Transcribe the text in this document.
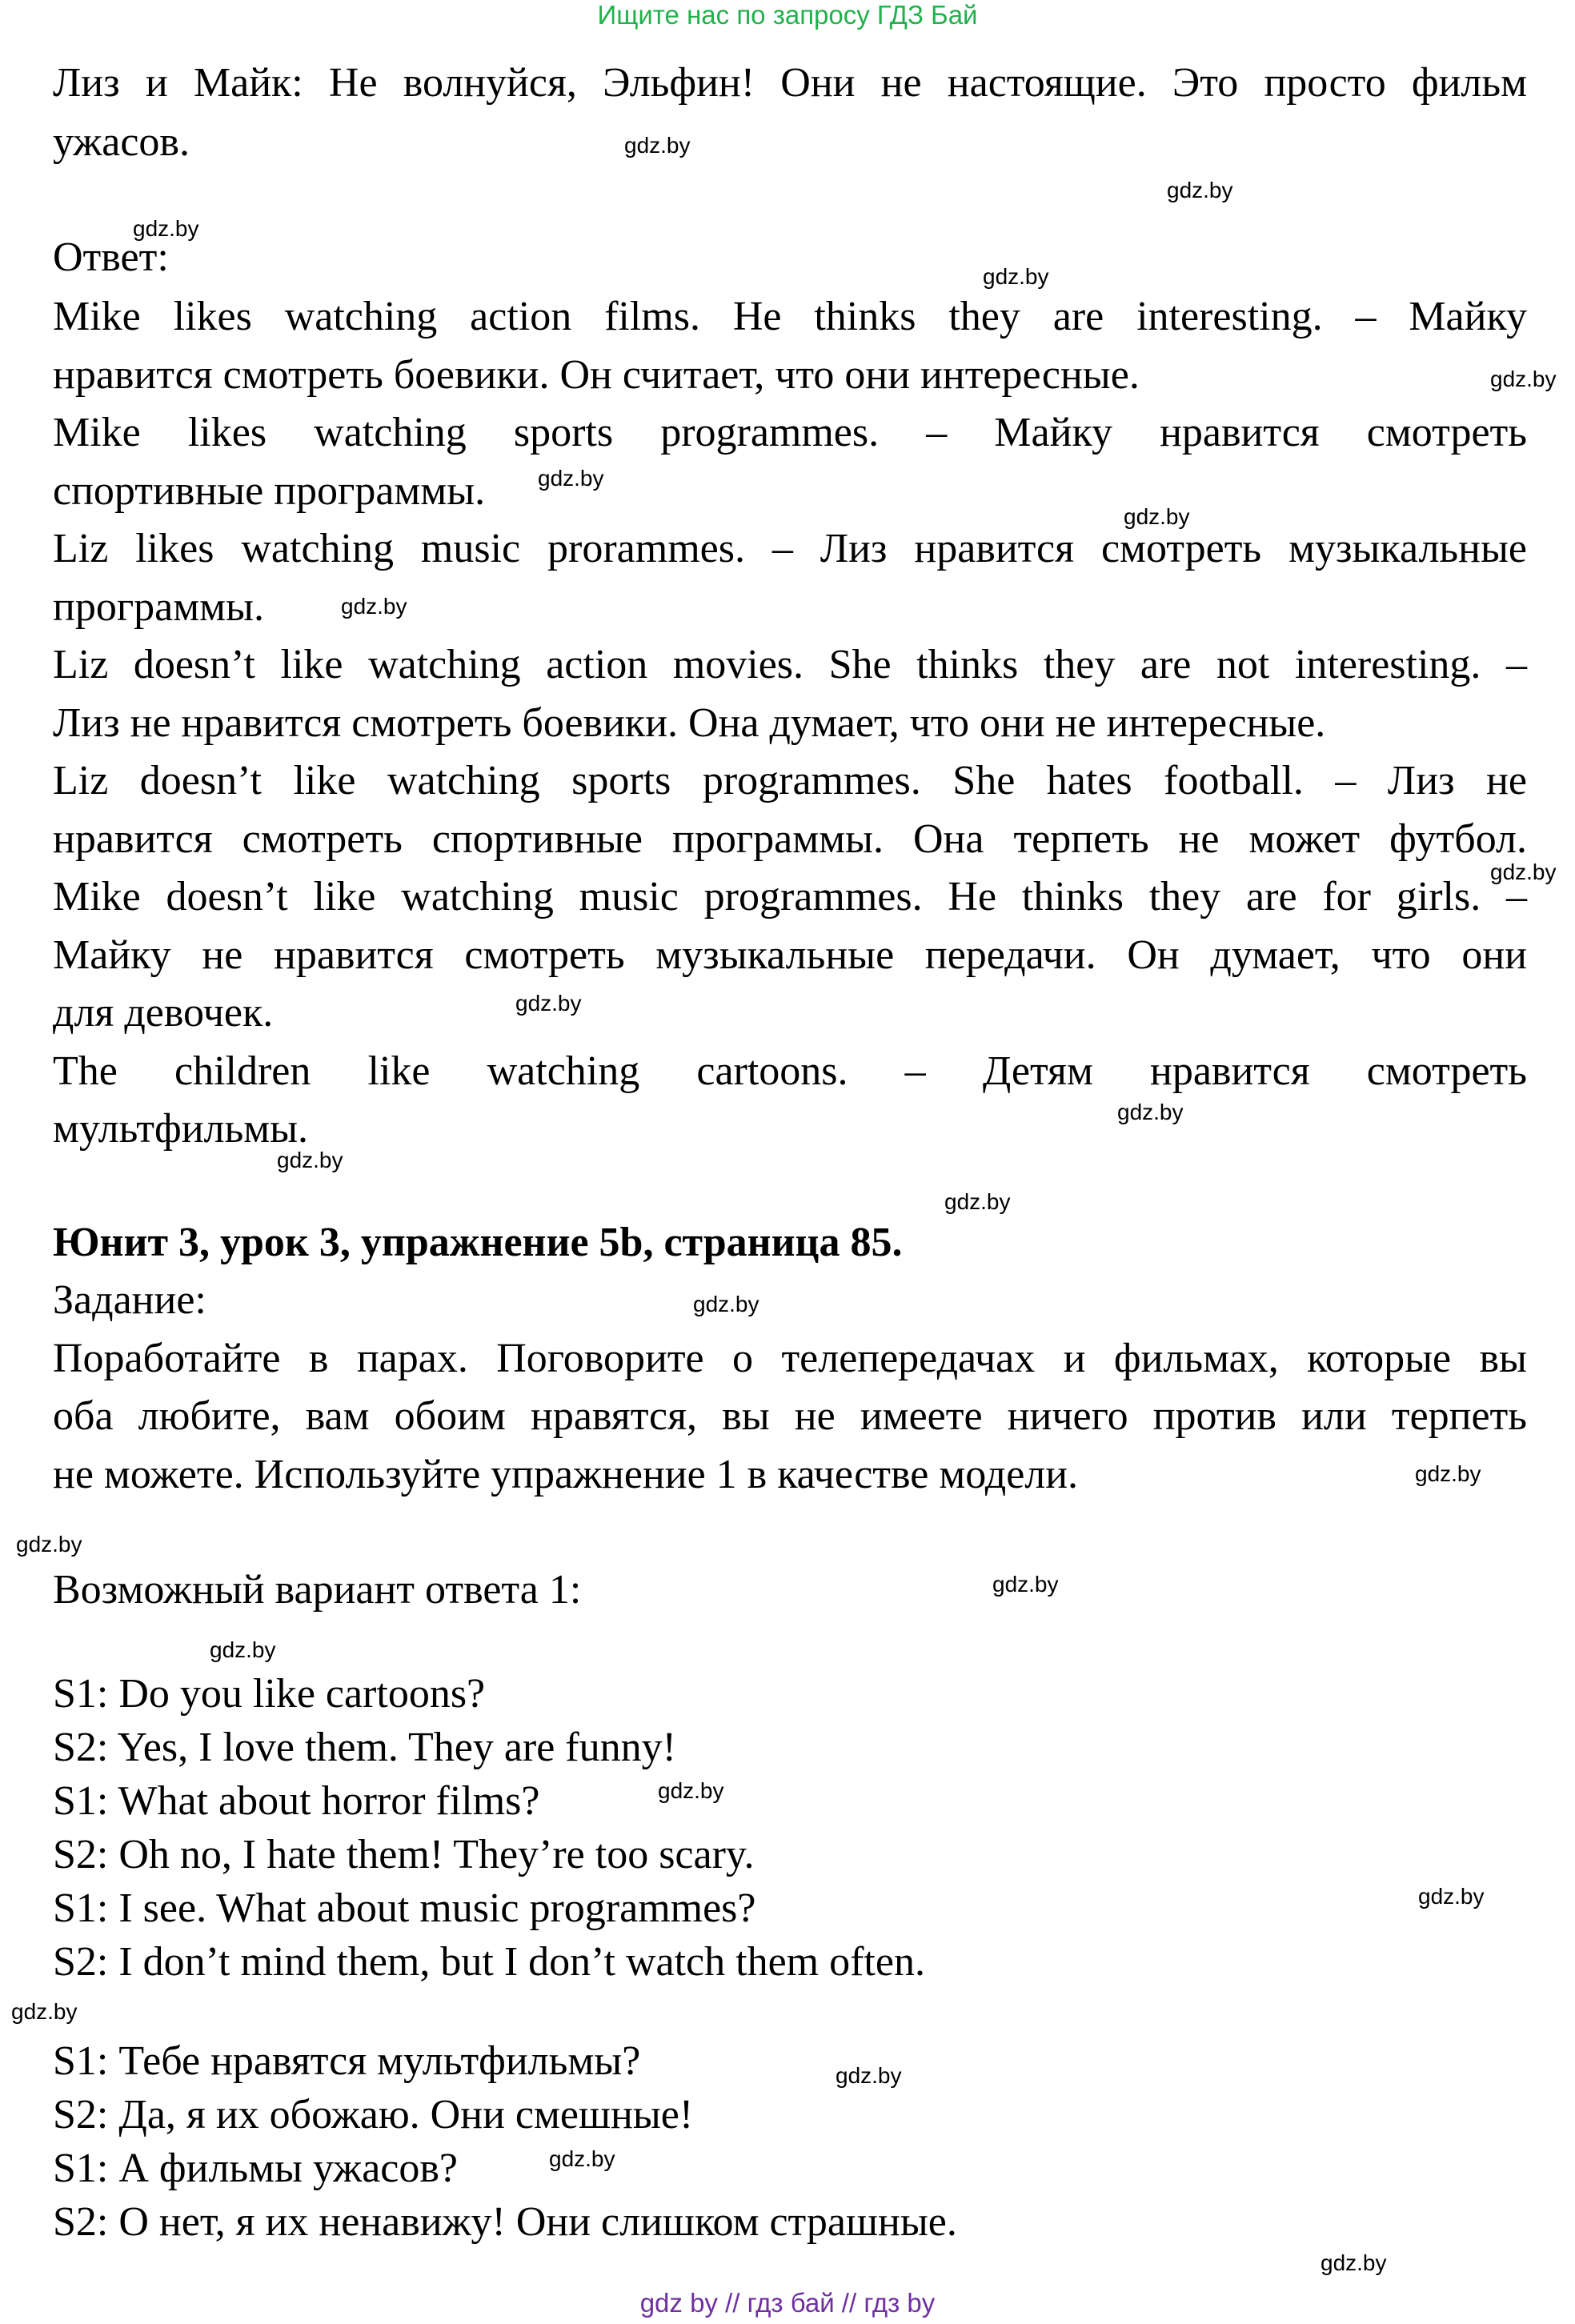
Ищите нас по запросу ГДЗ Бай
Лиз и Майк: Не волнуйся, Эльфин! Они не настоящие. Это просто фильм
ужасов.
Ответ:
Mike likes watching action films. He thinks they are interesting. – Майку
нравится смотреть боевики. Он считает, что они интересные.
Mike likes watching sports programmes. – Майку нравится смотреть
спортивные программы.
Liz likes watching music prorammes. – Лиз нравится смотреть музыкальные
программы.
Liz doesn’t like watching action movies. She thinks they are not interesting. –
Лиз не нравится смотреть боевики. Она думает, что они не интересные.
Liz doesn’t like watching sports programmes. She hates football. – Лиз не
нравится смотреть спортивные программы. Она терпеть не может футбол.
Mike doesn’t like watching music programmes. He thinks they are for girls. –
Майку не нравится смотреть музыкальные передачи. Он думает, что они
для девочек.
The children like watching cartoons. – Детям нравится смотреть
мультфильмы.
Юнит 3, урок 3, упражнение 5b, страница 85.
Задание:
Поработайте в парах. Поговорите о телепередачах и фильмах, которые вы
оба любите, вам обоим нравятся, вы не имеете ничего против или терпеть
не можете. Используйте упражнение 1 в качестве модели.
Возможный вариант ответа 1:
S1: Do you like cartoons?
S2: Yes, I love them. They are funny!
S1: What about horror films?
S2: Oh no, I hate them! They’re too scary.
S1: I see. What about music programmes?
S2: I don’t mind them, but I don’t watch them often.
S1: Тебе нравятся мультфильмы?
S2: Да, я их обожаю. Они смешные!
S1: А фильмы ужасов?
S2: О нет, я их ненавижу! Они слишком страшные.
gdz.by
gdz.by
gdz.by
gdz.by
gdz.by
gdz.by
gdz.by
gdz.by
gdz.by
gdz.by
gdz.by
gdz.by
gdz.by
gdz.by
gdz.by
gdz.by
gdz.by
gdz.by
gdz.by
gdz.by
gdz.by
gdz.by
gdz.by
gdz.by
gdz by // гдз бай // гдз by
